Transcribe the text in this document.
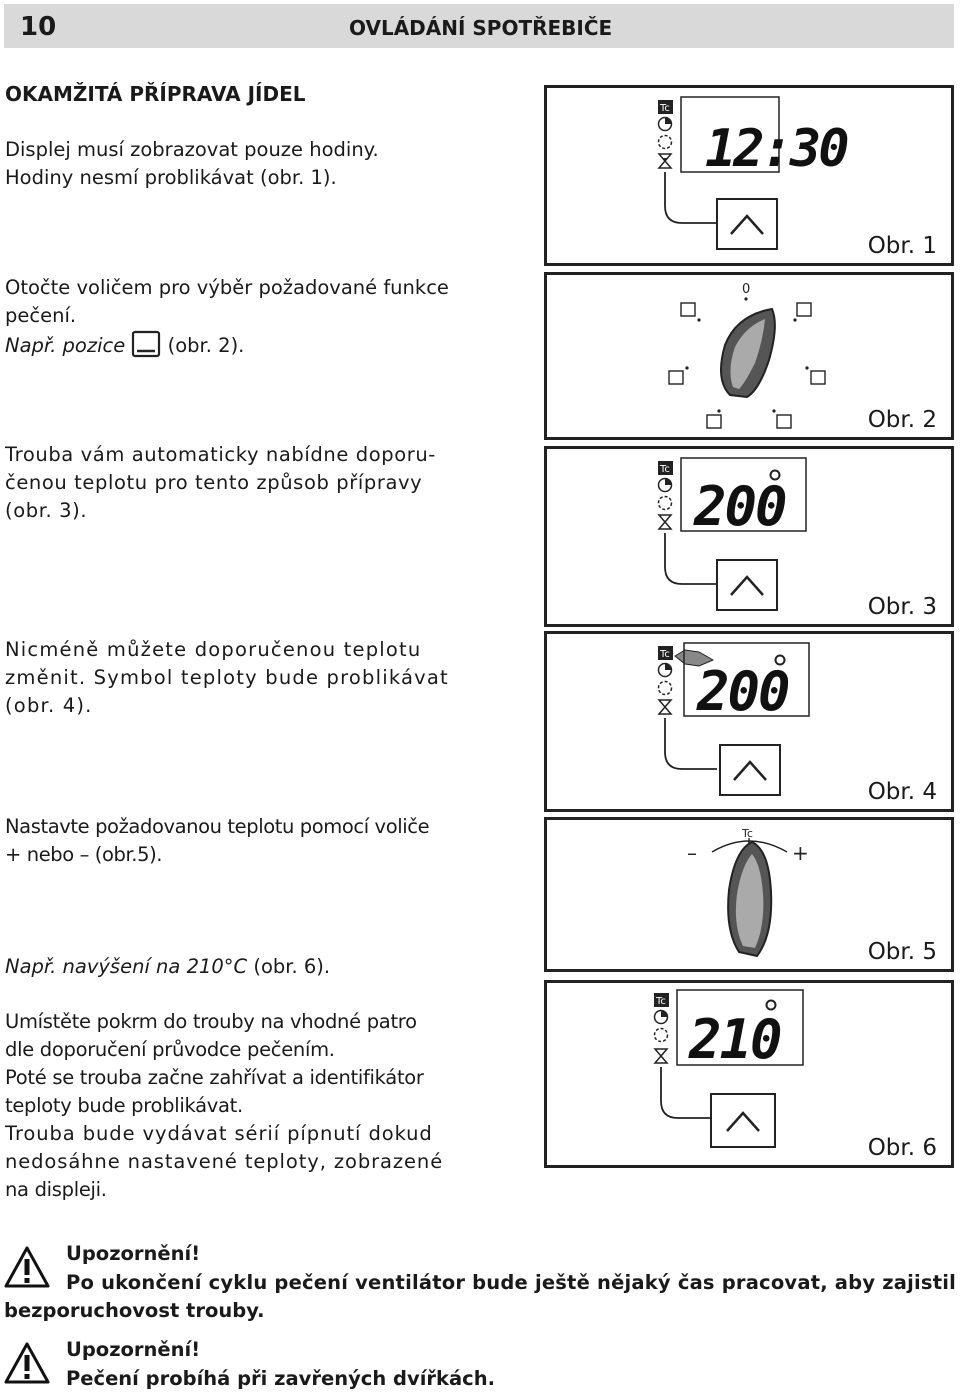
10	OVLÁDÁNÍ SPOTŘEBIČE
OKAMŽITÁ PŘÍPRAVA JÍDEL
Displej musí zobrazovat pouze hodiny.
Hodiny nesmí problikávat (obr. 1).
Otočte voličem pro výběr požadované funkce
pečení.
Např. pozice (obr. 2).
Trouba vám automaticky nabídne doporu-
čenou teplotu pro tento způsob přípravy
(obr. 3).
Nicméně můžete doporučenou teplotu
změnit. Symbol teploty bude problikávat
(obr. 4).
Nastavte požadovanou teplotu pomocí voliče
+ nebo – (obr.5).
Např. navýšení na 210°C (obr. 6).
Umístěte pokrm do trouby na vhodné patro
dle doporučení průvodce pečením.
Poté se trouba začne zahřívat a identifikátor
teploty bude problikávat.
Trouba bude vydávat sérií pípnutí dokud
nedosáhne nastavené teploty, zobrazené
na displeji.
Tc
12:30
Obr. 1
0
Obr. 2
Tc
200
Obr. 3
Tc
200
Obr. 4
Tc
–	+
Obr. 5
Tc
210
Obr. 6
Upozornění!
Po ukončení cyklu pečení ventilátor bude ještě nějaký čas pracovat, aby zajistil
bezporuchovost trouby.
Upozornění!
Pečení probíhá při zavřených dvířkách.
